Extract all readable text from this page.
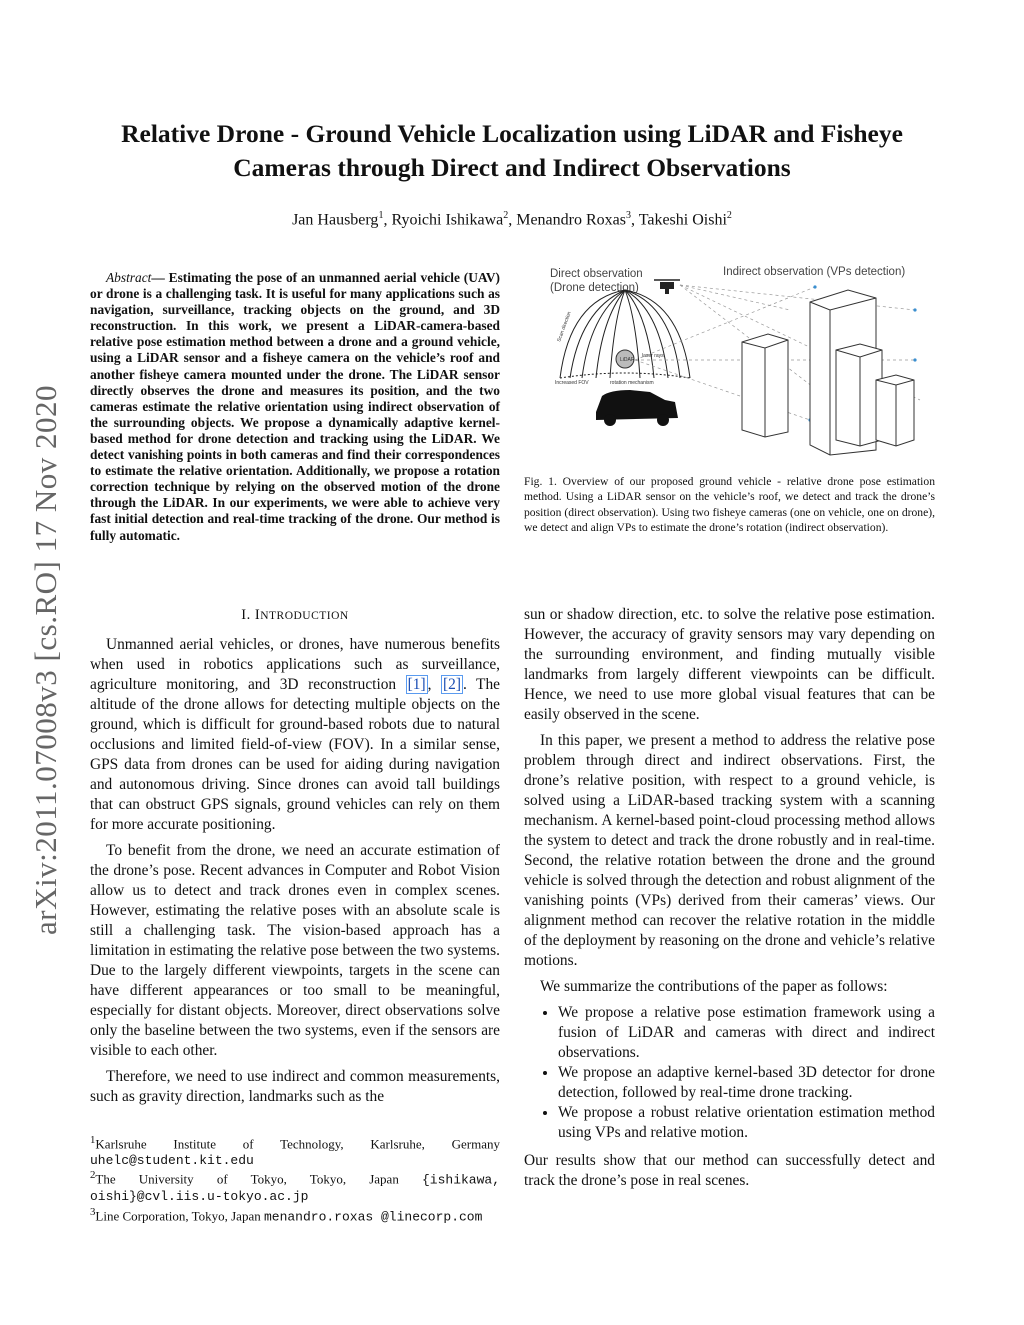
arXiv:2011.07008v3 [cs.RO] 17 Nov 2020
Relative Drone - Ground Vehicle Localization using LiDAR and Fisheye
Cameras through Direct and Indirect Observations
Jan Hausberg$^1$, Ryoichi Ishikawa$^2$, Menandro Roxas$^3$, Takeshi Oishi$^2$
Abstract— Estimating the pose of an unmanned aerial vehicle (UAV) or drone is a challenging task. It is useful for many applications such as navigation, surveillance, tracking objects on the ground, and 3D reconstruction. In this work, we present a LiDAR-camera-based relative pose estimation method between a drone and a ground vehicle, using a LiDAR sensor and a fisheye camera on the vehicle’s roof and another fisheye camera mounted under the drone. The LiDAR sensor directly observes the drone and measures its position, and the two cameras estimate the relative orientation using indirect observation of the surrounding objects. We propose a dynamically adaptive kernel-based method for drone detection and tracking using the LiDAR. We detect vanishing points in both cameras and find their correspondences to estimate the relative orientation. Additionally, we propose a rotation correction technique by relying on the observed motion of the drone through the LiDAR. In our experiments, we were able to achieve very fast initial detection and real-time tracking of the drone. Our method is fully automatic.
I. INTRODUCTION

Unmanned aerial vehicles, or drones, have numerous benefits when used in robotics applications such as surveillance, agriculture monitoring, and 3D reconstruction [1] , [2] . The altitude of the drone allows for detecting multiple objects on the ground, which is difficult for ground-based robots due to natural occlusions and limited field-of-view (FOV). In a similar sense, GPS data from drones can be used for aiding during navigation and autonomous driving. Since drones can avoid tall buildings that can obstruct GPS signals, ground vehicles can rely on them for more accurate positioning.

To benefit from the drone, we need an accurate estimation of the drone’s pose. Recent advances in Computer and Robot Vision allow us to detect and track drones even in complex scenes. However, estimating the relative poses with an absolute scale is still a challenging task. The vision-based approach has a limitation in estimating the relative pose between the two systems. Due to the largely different viewpoints, targets in the scene can have different appearances or too small to be meaningful, especially for distant objects. Moreover, direct observations solve only the baseline between the two systems, even if the sensors are visible to each other.

Therefore, we need to use indirect and common measurements, such as gravity direction, landmarks such as the

$^1$Karlsruhe Institute of Technology, Karlsruhe, Germany uhelc@student.kit.edu
$^2$The University of Tokyo, Tokyo, Japan {ishikawa, oishi}@cvl.iis.u-tokyo.ac.jp
$^3$Line Corporation, Tokyo, Japan menandro.roxas @linecorp.com
Direct observation
(Drone detection)
Indirect observation (VPs detection)
LiDAR
laser rays
Scan direction
Increased FOV	rotation mechanism
Fig. 1. Overview of our proposed ground vehicle - relative drone pose estimation method. Using a LiDAR sensor on the vehicle’s roof, we detect and track the drone’s position (direct observation). Using two fisheye cameras (one on vehicle, one on drone), we detect and align VPs to estimate the drone’s rotation (indirect observation).

sun or shadow direction, etc. to solve the relative pose estimation. However, the accuracy of gravity sensors may vary depending on the surrounding environment, and finding mutually visible landmarks from largely different viewpoints can be difficult. Hence, we need to use more global visual features that can be easily observed in the scene.

In this paper, we present a method to address the relative pose problem through direct and indirect observations. First, the drone’s relative position, with respect to a ground vehicle, is solved using a LiDAR-based tracking system with a scanning mechanism. A kernel-based point-cloud processing method allows the system to detect and track the drone robustly and in real-time. Second, the relative rotation between the drone and the ground vehicle is solved through the detection and robust alignment of the vanishing points (VPs) derived from their cameras’ views. Our alignment method can recover the relative rotation in the middle of the deployment by reasoning on the drone and vehicle’s relative motions.

We summarize the contributions of the paper as follows:

• We propose a relative pose estimation framework using a fusion of LiDAR and cameras with direct and indirect observations.
• We propose an adaptive kernel-based 3D detector for drone detection, followed by real-time drone tracking.
• We propose a robust relative orientation estimation method using VPs and relative motion.

Our results show that our method can successfully detect and track the drone’s pose in real scenes.
